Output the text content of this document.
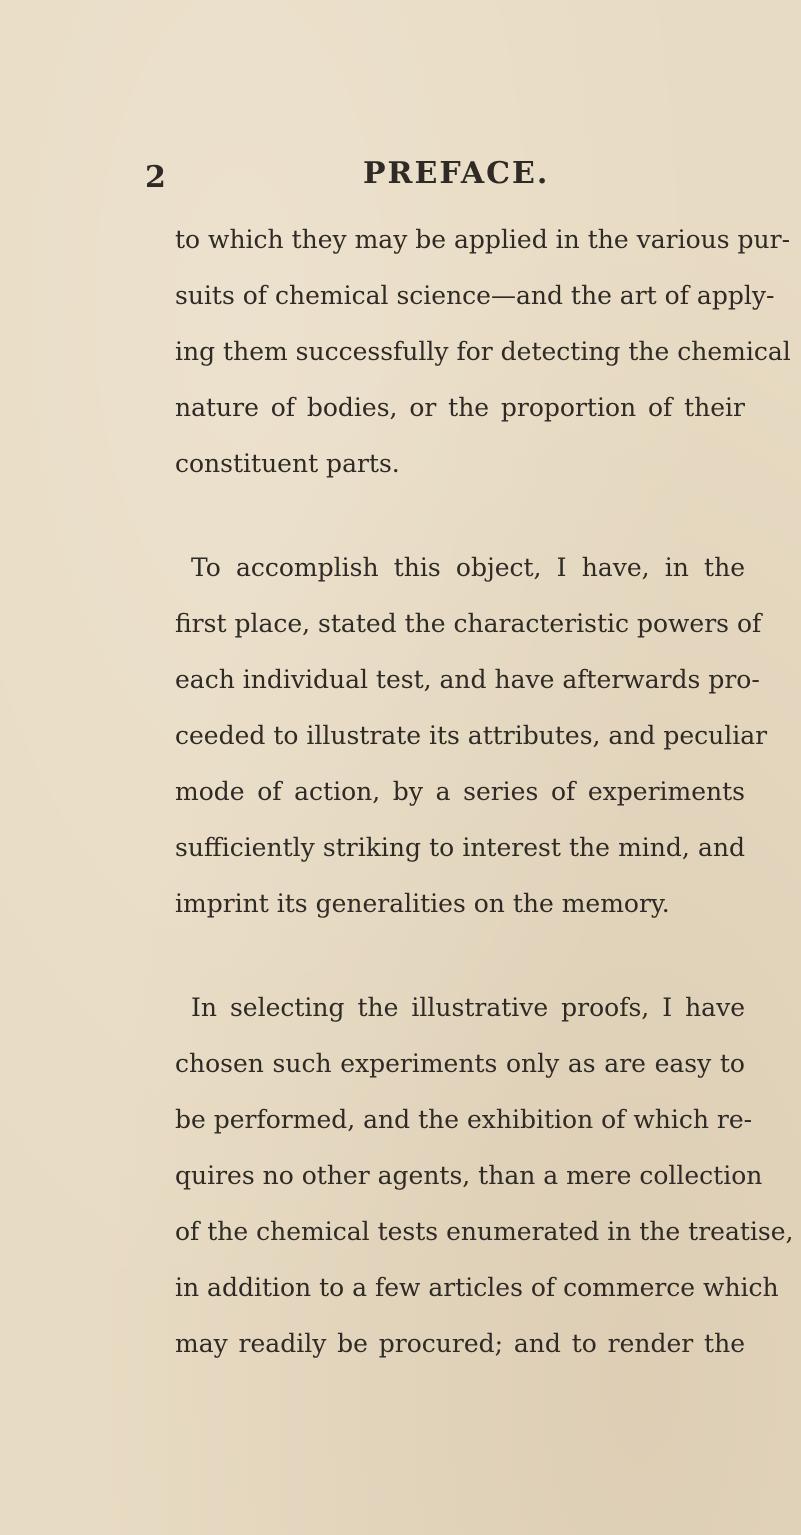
2	PREFACE.
to which they may be applied in the various pur-
suits of chemical science—and the art of apply-
ing them successfully for detecting the chemical
nature of bodies, or the proportion of their
constituent parts.
To accomplish this object, I have, in the
first place, stated the characteristic powers of
each individual test, and have afterwards pro-
ceeded to illustrate its attributes, and peculiar
mode of action, by a series of experiments
sufficiently striking to interest the mind, and
imprint its generalities on the memory.
In selecting the illustrative proofs, I have
chosen such experiments only as are easy to
be performed, and the exhibition of which re-
quires no other agents, than a mere collection
of the chemical tests enumerated in the treatise,
in addition to a few articles of commerce which
may readily be procured; and to render the
